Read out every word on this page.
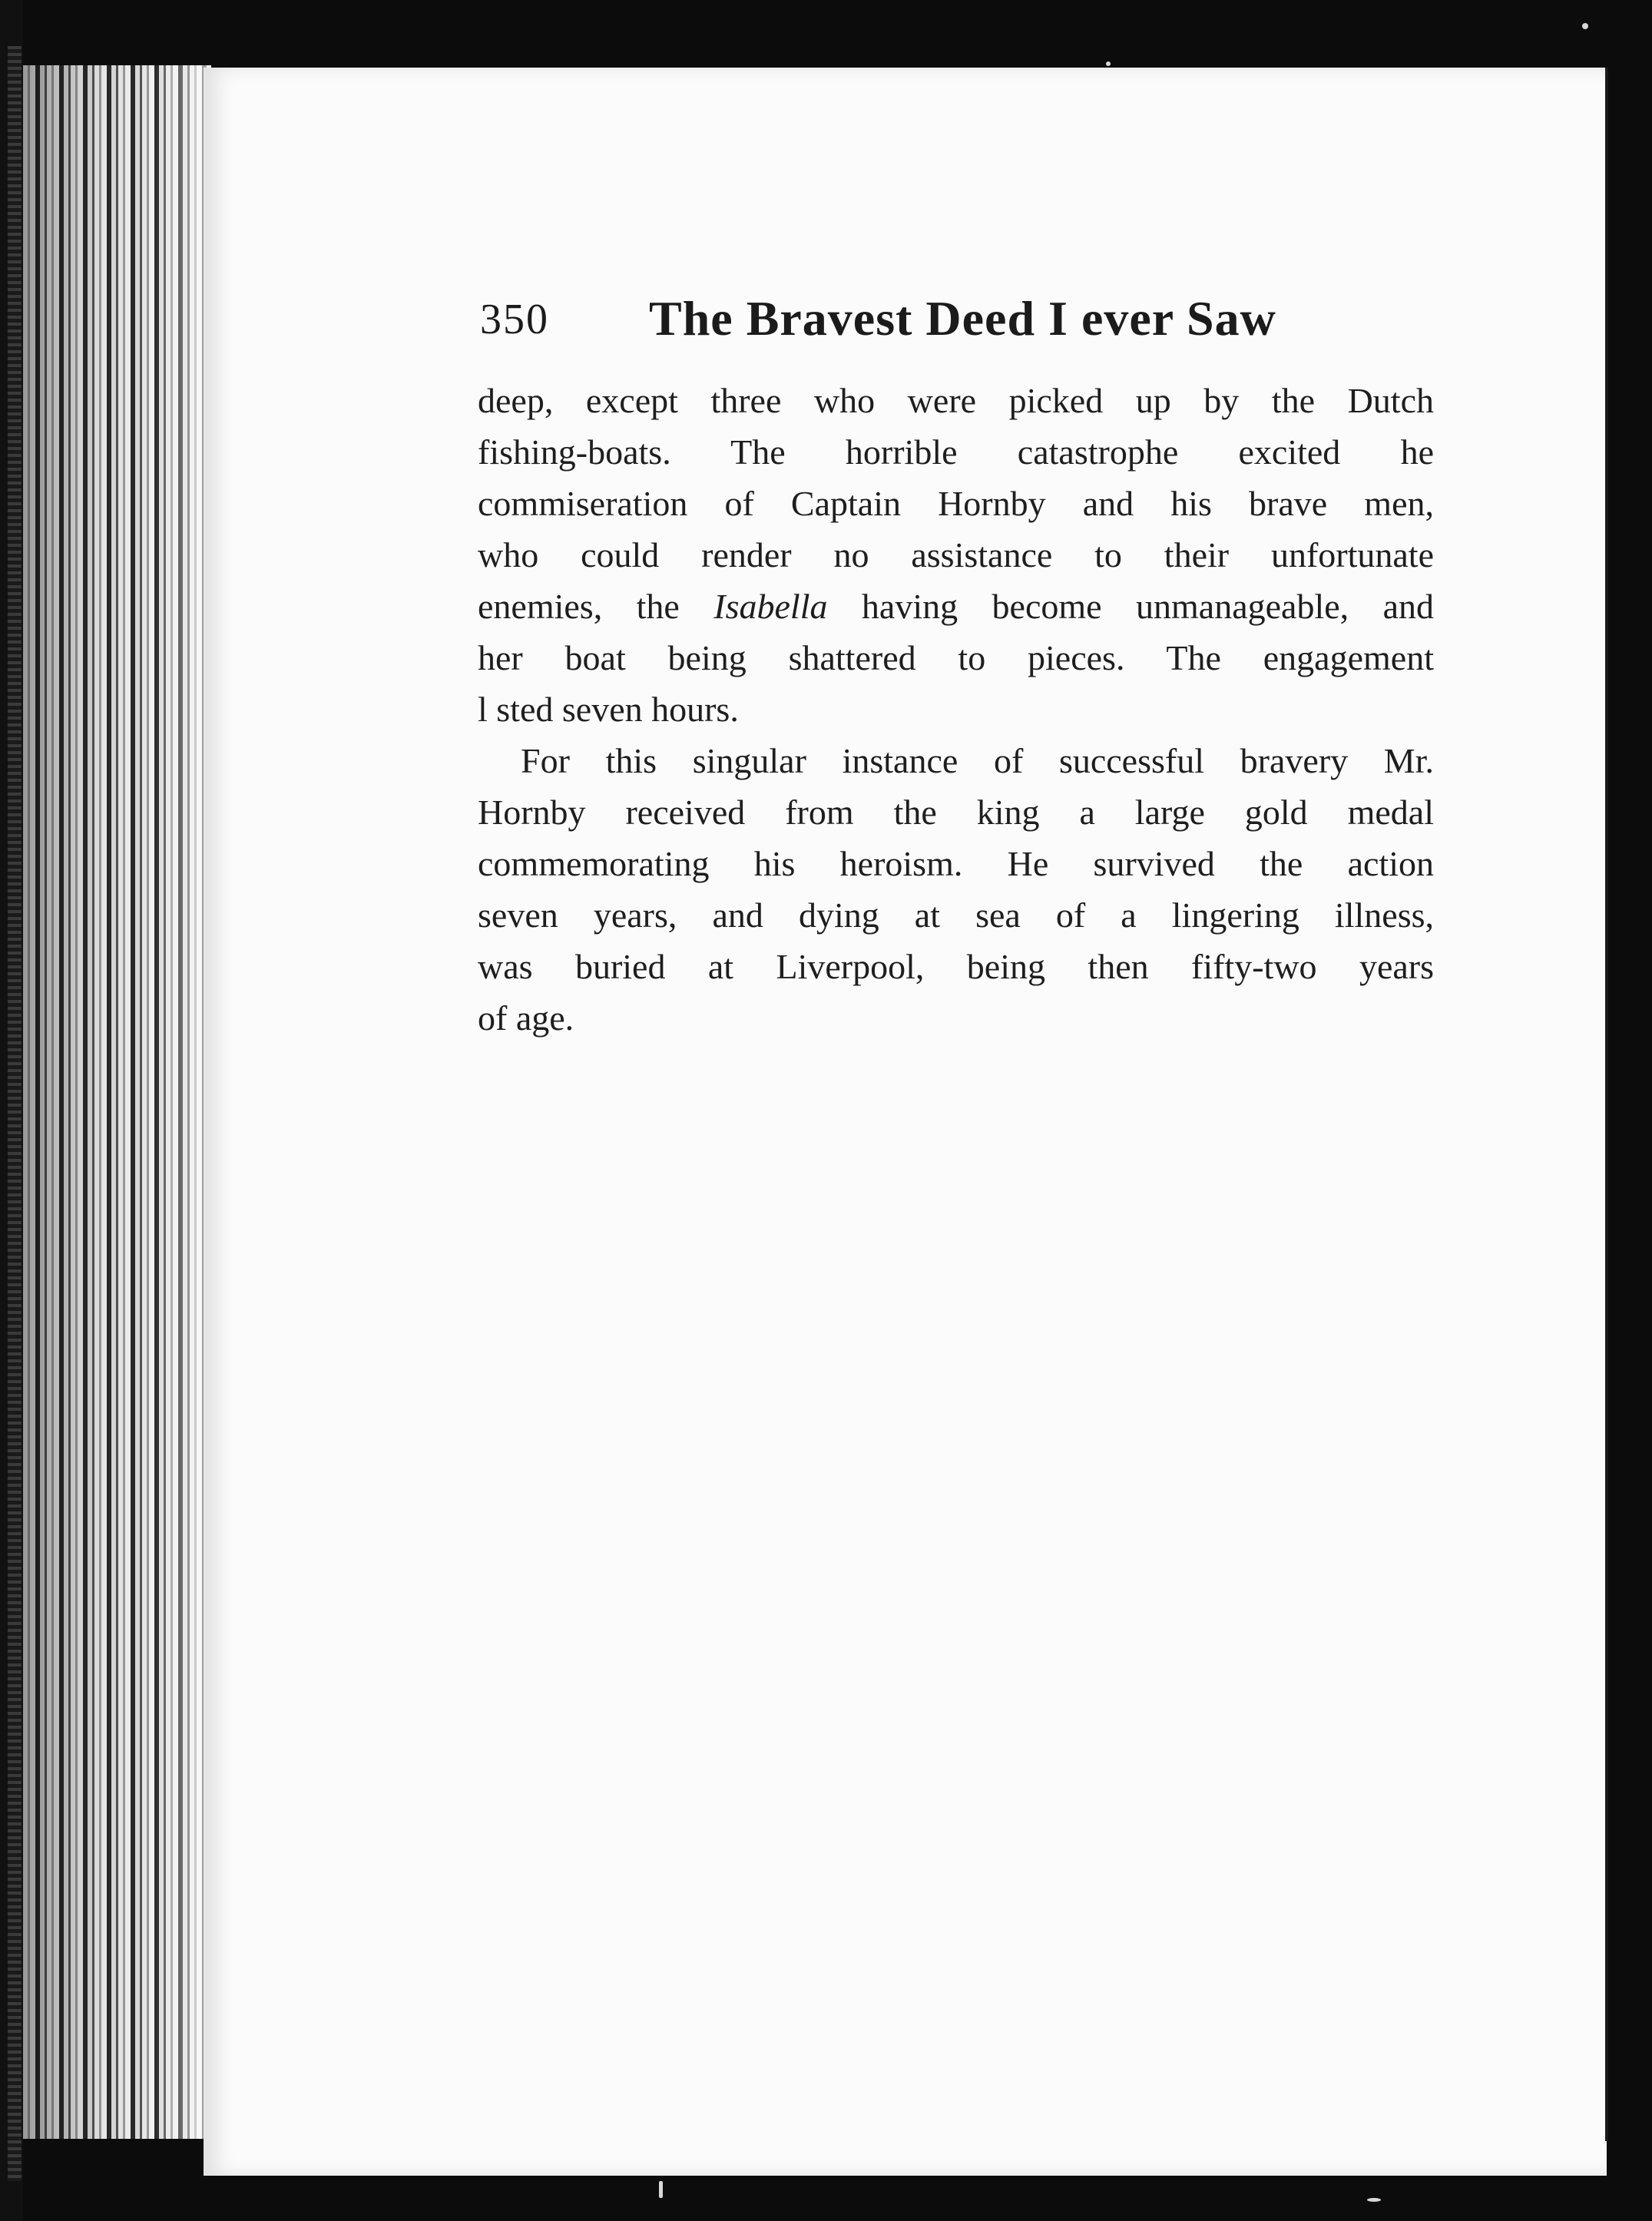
350 The Bravest Deed I ever Saw
deep, except three who were picked up by the Dutch
fishing-boats. The horrible catastrophe excited he
commiseration of Captain Hornby and his brave men,
who could render no assistance to their unfortunate
enemies, the Isabella having become unmanageable, and
her boat being shattered to pieces. The engagement
l sted seven hours.
For this singular instance of successful bravery Mr.
Hornby received from the king a large gold medal
commemorating his heroism. He survived the action
seven years, and dying at sea of a lingering illness,
was buried at Liverpool, being then fifty-two years
of age.
